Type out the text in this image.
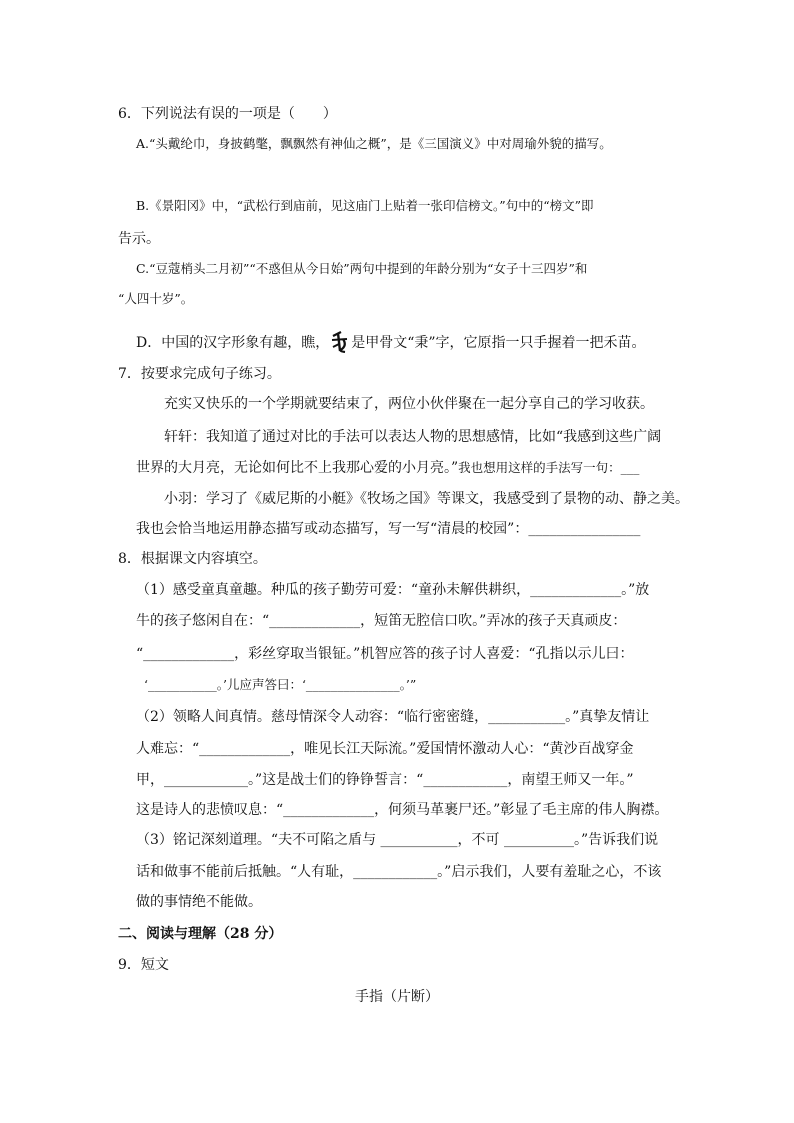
6．下列说法有误的一项是（　　）
A.“头戴纶巾，身披鹤氅，飘飘然有神仙之概”，是《三国演义》中对周瑜外貌的描写。
B.《景阳冈》中，“武松行到庙前，见这庙门上贴着一张印信榜文。”句中的“榜文”即
告示。
C.“豆蔻梢头二月初”“不惑但从今日始”两句中提到的年龄分别为“女子十三四岁”和
“人四十岁”。
D．中国的汉字形象有趣，瞧， 是甲骨文“秉”字，它原指一只手握着一把禾苗。
7．按要求完成句子练习。
充实又快乐的一个学期就要结束了，两位小伙伴聚在一起分享自己的学习收获。
轩轩：我知道了通过对比的手法可以表达人物的思想感情，比如“我感到这些广阔
世界的大月亮，无论如何比不上我那心爱的小月亮。”我也想用这样的手法写一句：___
小羽：学习了《威尼斯的小艇》《牧场之国》等课文，我感受到了景物的动、静之美。
我也会恰当地运用静态描写或动态描写，写一写“清晨的校园”：________________
8．根据课文内容填空。
（1）感受童真童趣。种瓜的孩子勤劳可爱：“童孙未解供耕织，_____________。”放
牛的孩子悠闲自在：“_____________，短笛无腔信口吹。”弄冰的孩子天真顽皮：
“_____________，彩丝穿取当银钲。”机智应答的孩子讨人喜爱：“孔指以示儿曰：
‘___________。’儿应声答曰：‘_______________。’”
（2）领略人间真情。慈母情深令人动容：“临行密密缝，___________。”真挚友情让
人难忘：“_____________，唯见长江天际流。”爱国情怀激动人心：“黄沙百战穿金
甲，____________。”这是战士们的铮铮誓言：“____________，南望王师又一年。”
这是诗人的悲愤叹息：“_____________，何须马革裹尸还。”彰显了毛主席的伟人胸襟。
（3）铭记深刻道理。“夫不可陷之盾与 ___________，不可 __________。”告诉我们说
话和做事不能前后抵触。“人有耻，____________。”启示我们，人要有羞耻之心，不该
做的事情绝不能做。
二、阅读与理解（28 分）
9．短文
手指（片断）
